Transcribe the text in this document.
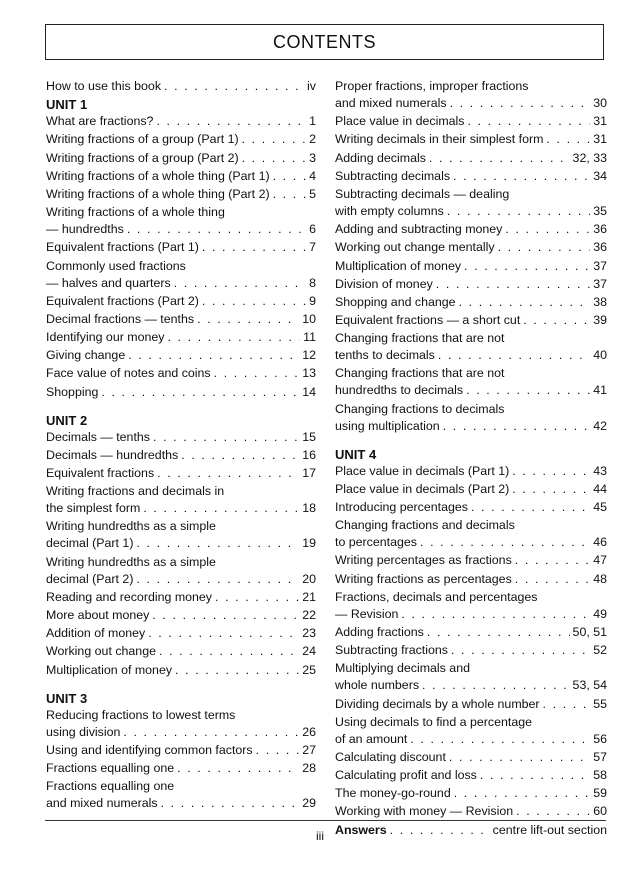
CONTENTS
How to use this book . . .	iv
UNIT 1
What are fractions? . . .	1
Writing fractions of a group (Part 1) . . .	2
Writing fractions of a group (Part 2) . . .	3
Writing fractions of a whole thing (Part 1) . . .	4
Writing fractions of a whole thing (Part 2) . . .	5
Writing fractions of a whole thing
— hundredths . . .	6
Equivalent fractions (Part 1) . . .	7
Commonly used fractions
— halves and quarters . . .	8
Equivalent fractions (Part 2) . . .	9
Decimal fractions — tenths . . .	10
Identifying our money . . .	11
Giving change . . .	12
Face value of notes and coins . . .	13
Shopping . . .	14
UNIT 2
Decimals — tenths . . .	15
Decimals — hundredths . . .	16
Equivalent fractions . . .	17
Writing fractions and decimals in
the simplest form . . .	18
Writing hundredths as a simple
decimal (Part 1) . . .	19
Writing hundredths as a simple
decimal (Part 2) . . .	20
Reading and recording money . . .	21
More about money . . .	22
Addition of money . . .	23
Working out change . . .	24
Multiplication of money . . .	25
UNIT 3
Reducing fractions to lowest terms
using division . . .	26
Using and identifying common factors . . .	27
Fractions equalling one . . .	28
Fractions equalling one
and mixed numerals . . .	29
Proper fractions, improper fractions
and mixed numerals . . .	30
Place value in decimals . . .	31
Writing decimals in their simplest form . . .	31
Adding decimals . . .	32, 33
Subtracting decimals . . .	34
Subtracting decimals — dealing
with empty columns . . .	35
Adding and subtracting money . . .	36
Working out change mentally . . .	36
Multiplication of money . . .	37
Division of money . . .	37
Shopping and change . . .	38
Equivalent fractions — a short cut . . .	39
Changing fractions that are not
tenths to decimals . . .	40
Changing fractions that are not
hundredths to decimals . . .	41
Changing fractions to decimals
using multiplication . . .	42
UNIT 4
Place value in decimals (Part 1) . . .	43
Place value in decimals (Part 2) . . .	44
Introducing percentages . . .	45
Changing fractions and decimals
to percentages . . .	46
Writing percentages as fractions . . .	47
Writing fractions as percentages . . .	48
Fractions, decimals and percentages
— Revision . . .	49
Adding fractions . . .	50, 51
Subtracting fractions . . .	52
Multiplying decimals and
whole numbers . . .	53, 54
Dividing decimals by a whole number . . .	55
Using decimals to find a percentage
of an amount . . .	56
Calculating discount . . .	57
Calculating profit and loss . . .	58
The money-go-round . . .	59
Working with money — Revision . . .	60
Answers . . .	centre lift-out section
iii
